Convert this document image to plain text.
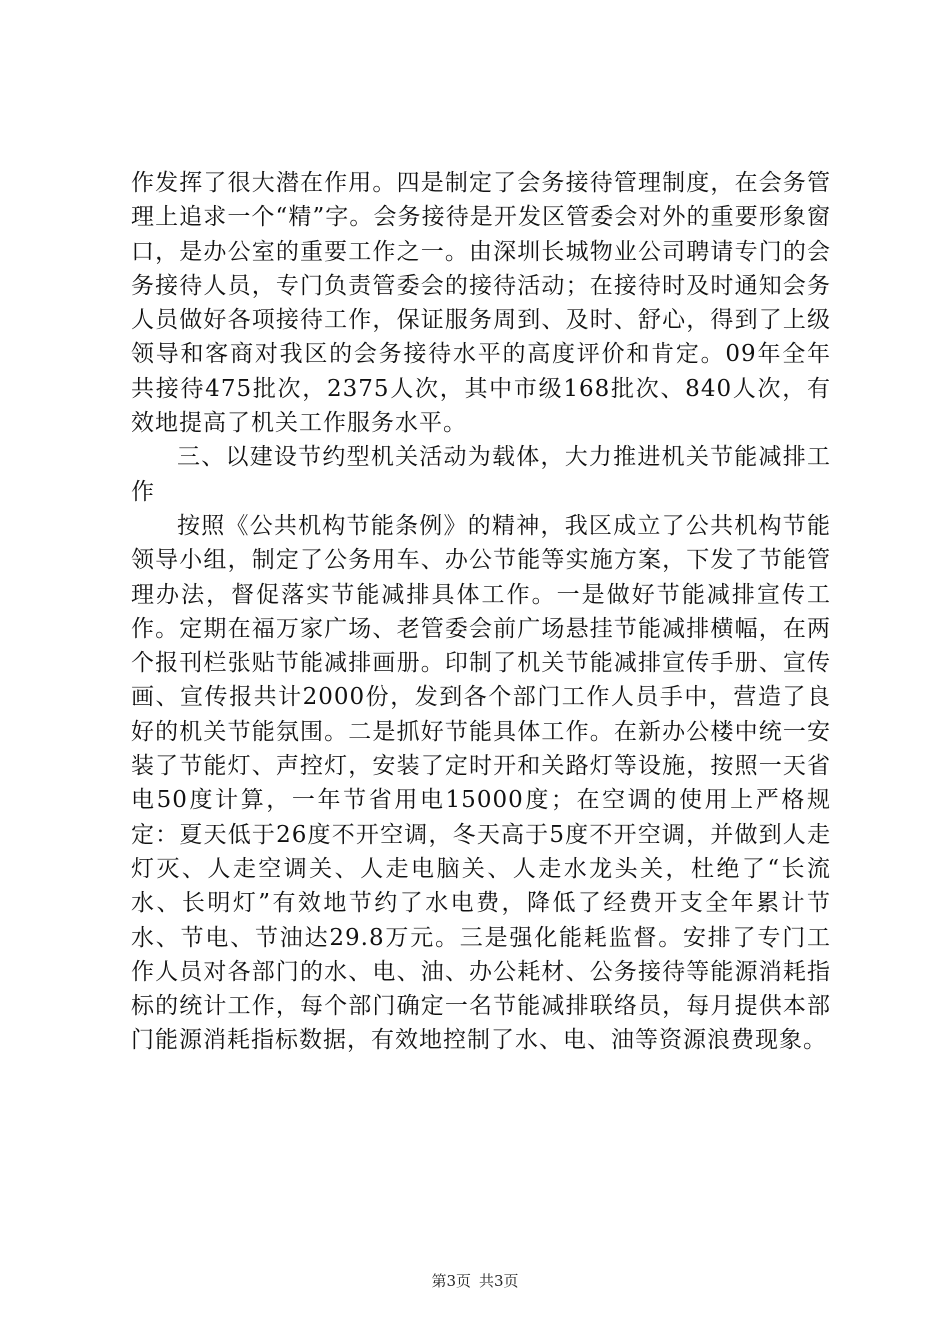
作发挥了很大潜在作用。四是制定了会务接待管理制度，在会务管理上追求一个“精”字。会务接待是开发区管委会对外的重要形象窗口，是办公室的重要工作之一。由深圳长城物业公司聘请专门的会务接待人员，专门负责管委会的接待活动；在接待时及时通知会务人员做好各项接待工作，保证服务周到、及时、舒心，得到了上级领导和客商对我区的会务接待水平的高度评价和肯定。09年全年共接待475批次，2375人次，其中市级168批次、840人次，有效地提高了机关工作服务水平。

三、以建设节约型机关活动为载体，大力推进机关节能减排工作

按照《公共机构节能条例》的精神，我区成立了公共机构节能领导小组，制定了公务用车、办公节能等实施方案，下发了节能管理办法，督促落实节能减排具体工作。一是做好节能减排宣传工作。定期在福万家广场、老管委会前广场悬挂节能减排横幅，在两个报刊栏张贴节能减排画册。印制了机关节能减排宣传手册、宣传画、宣传报共计2000份，发到各个部门工作人员手中，营造了良好的机关节能氛围。二是抓好节能具体工作。在新办公楼中统一安装了节能灯、声控灯，安装了定时开和关路灯等设施，按照一天省电50度计算，一年节省用电15000度；在空调的使用上严格规定：夏天低于26度不开空调，冬天高于5度不开空调，并做到人走灯灭、人走空调关、人走电脑关、人走水龙头关，杜绝了“长流水、长明灯”有效地节约了水电费，降低了经费开支全年累计节水、节电、节油达29.8万元。三是强化能耗监督。安排了专门工作人员对各部门的水、电、油、办公耗材、公务接待等能源消耗指标的统计工作，每个部门确定一名节能减排联络员，每月提供本部门能源消耗指标数据，有效地控制了水、电、油等资源浪费现象。

第3页 共3页
